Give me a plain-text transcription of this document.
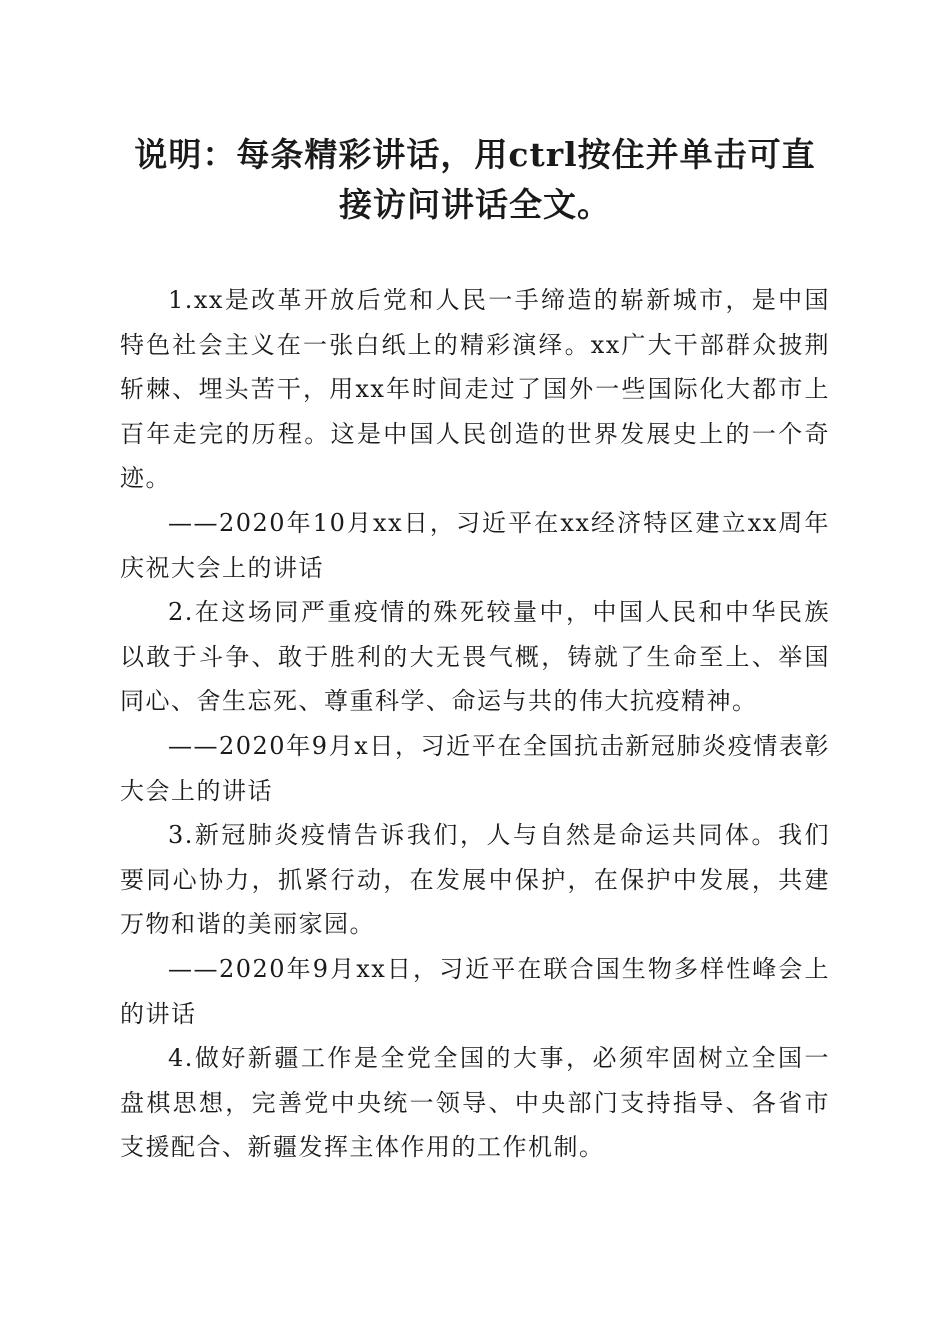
说明：每条精彩讲话，用ctrl按住并单击可直接访问讲话全文。

1.xx是改革开放后党和人民一手缔造的崭新城市，是中国特色社会主义在一张白纸上的精彩演绎。xx广大干部群众披荆斩棘、埋头苦干，用xx年时间走过了国外一些国际化大都市上百年走完的历程。这是中国人民创造的世界发展史上的一个奇迹。

——2020年10月xx日，习近平在xx经济特区建立xx周年庆祝大会上的讲话

2.在这场同严重疫情的殊死较量中，中国人民和中华民族以敢于斗争、敢于胜利的大无畏气概，铸就了生命至上、举国同心、舍生忘死、尊重科学、命运与共的伟大抗疫精神。

——2020年9月x日，习近平在全国抗击新冠肺炎疫情表彰大会上的讲话

3.新冠肺炎疫情告诉我们，人与自然是命运共同体。我们要同心协力，抓紧行动，在发展中保护，在保护中发展，共建万物和谐的美丽家园。

——2020年9月xx日，习近平在联合国生物多样性峰会上的讲话

4.做好新疆工作是全党全国的大事，必须牢固树立全国一盘棋思想，完善党中央统一领导、中央部门支持指导、各省市支援配合、新疆发挥主体作用的工作机制。
